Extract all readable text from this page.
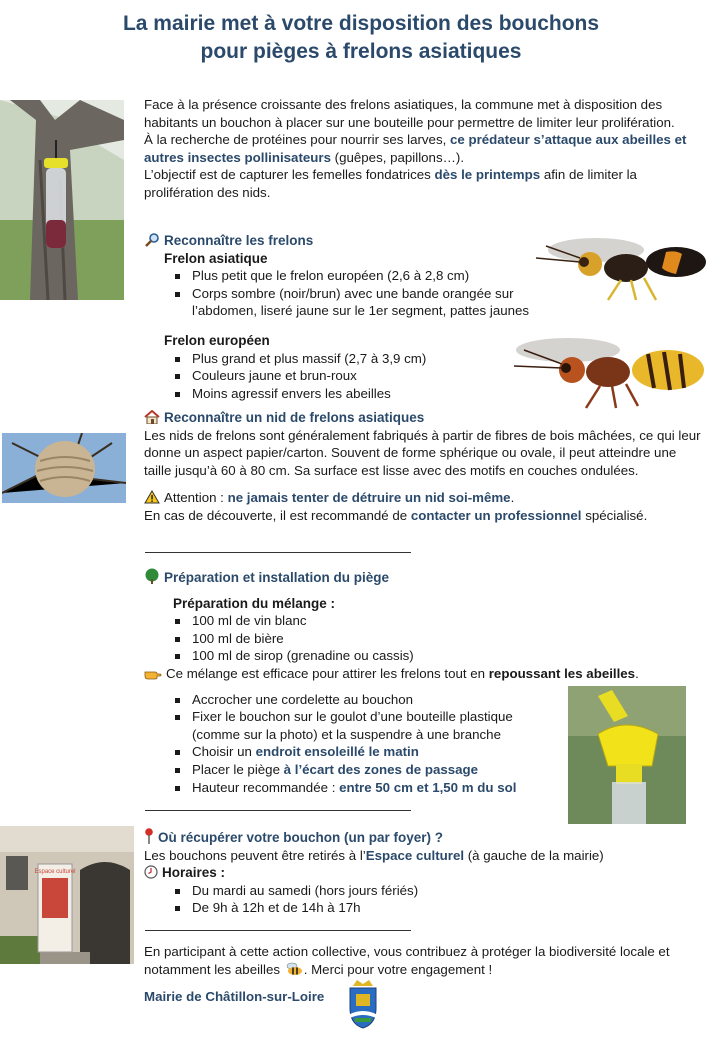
La mairie met à votre disposition des bouchons
pour pièges à frelons asiatiques
Face à la présence croissante des frelons asiatiques, la commune met à disposition des habitants un bouchon à placer sur une bouteille pour permettre de limiter leur prolifération.
À la recherche de protéines pour nourrir ses larves, ce prédateur s’attaque aux abeilles et autres insectes pollinisateurs (guêpes, papillons…).
L’objectif est de capturer les femelles fondatrices dès le printemps afin de limiter la prolifération des nids.
Reconnaître les frelons
Frelon asiatique
Plus petit que le frelon européen (2,6 à 2,8 cm)
Corps sombre (noir/brun) avec une bande orangée sur l’abdomen, liseré jaune sur le 1er segment, pattes jaunes
Frelon européen
Plus grand et plus massif (2,7 à 3,9 cm)
Couleurs jaune et brun-roux
Moins agressif envers les abeilles
Reconnaître un nid de frelons asiatiques
Les nids de frelons sont généralement fabriqués à partir de fibres de bois mâchées, ce qui leur donne un aspect papier/carton. Souvent de forme sphérique ou ovale, il peut atteindre une taille jusqu’à 60 à 80 cm. Sa surface est lisse avec des motifs en couches ondulées.
Attention : ne jamais tenter de détruire un nid soi-même.
En cas de découverte, il est recommandé de contacter un professionnel spécialisé.
Préparation et installation du piège
Préparation du mélange :
100 ml de vin blanc
100 ml de bière
100 ml de sirop (grenadine ou cassis)
Ce mélange est efficace pour attirer les frelons tout en repoussant les abeilles.
Accrocher une cordelette au bouchon
Fixer le bouchon sur le goulot d’une bouteille plastique (comme sur la photo) et la suspendre à une branche
Choisir un endroit ensoleillé le matin
Placer le piège à l’écart des zones de passage
Hauteur recommandée : entre 50 cm et 1,50 m du sol
Espace culturel
Où récupérer votre bouchon (un par foyer) ?
Les bouchons peuvent être retirés à l’Espace culturel (à gauche de la mairie)
Horaires :
Du mardi au samedi (hors jours fériés)
De 9h à 12h et de 14h à 17h
En participant à cette action collective, vous contribuez à protéger la biodiversité locale et notamment les abeilles . Merci pour votre engagement !
Mairie de Châtillon-sur-Loire
